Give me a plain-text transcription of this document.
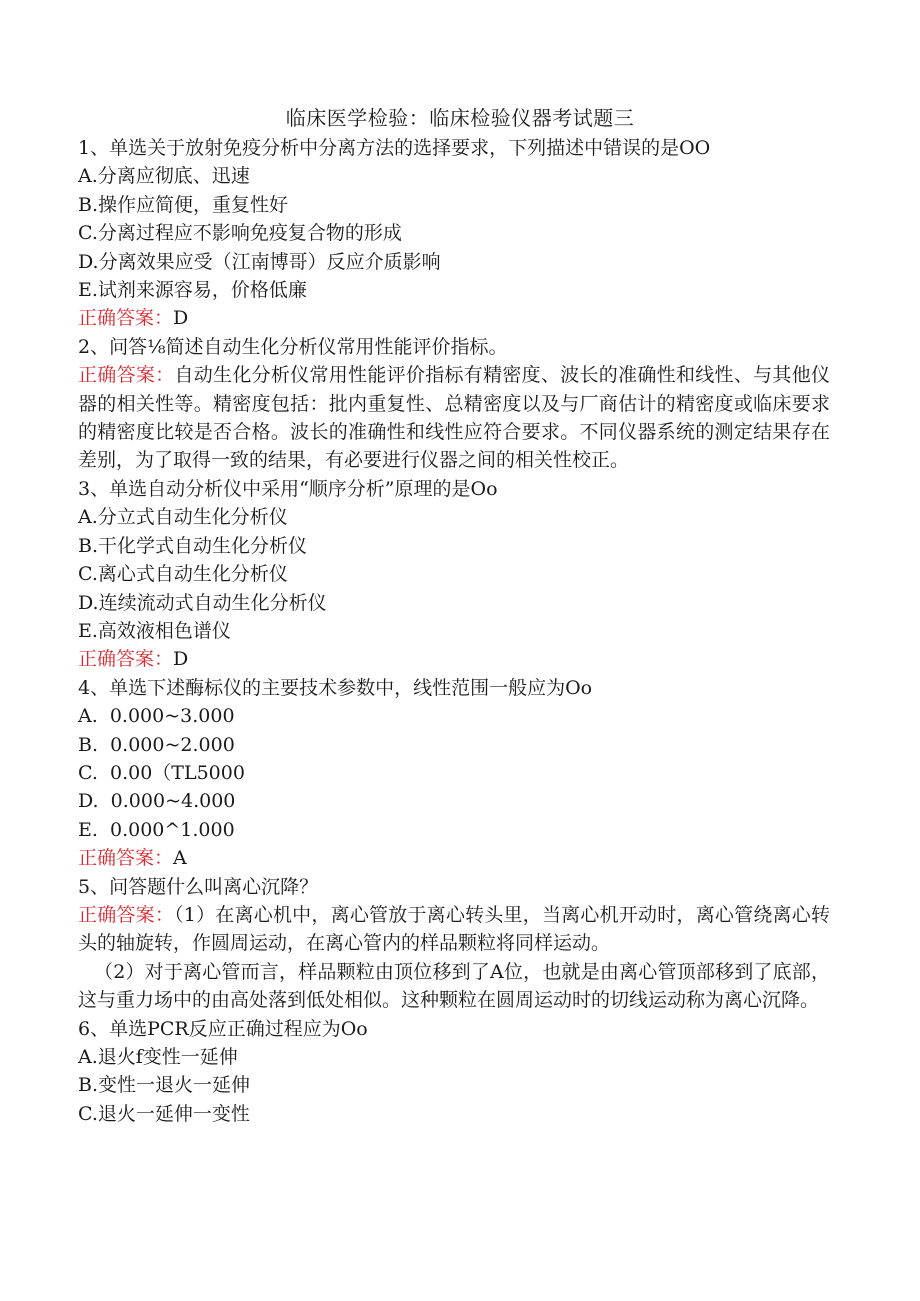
临床医学检验：临床检验仪器考试题三
1、单选关于放射免疫分析中分离方法的选择要求，下列描述中错误的是OO
A.分离应彻底、迅速
B.操作应简便，重复性好
C.分离过程应不影响免疫复合物的形成
D.分离效果应受（江南博哥）反应介质影响
E.试剂来源容易，价格低廉
正确答案：D
2、问答⅛简述自动生化分析仪常用性能评价指标。
正确答案：自动生化分析仪常用性能评价指标有精密度、波长的准确性和线性、与其他仪器的相关性等。精密度包括：批内重复性、总精密度以及与厂商估计的精密度或临床要求的精密度比较是否合格。波长的准确性和线性应符合要求。不同仪器系统的测定结果存在差别，为了取得一致的结果，有必要进行仪器之间的相关性校正。
3、单选自动分析仪中采用“顺序分析”原理的是Oo
A.分立式自动生化分析仪
B.干化学式自动生化分析仪
C.离心式自动生化分析仪
D.连续流动式自动生化分析仪
E.高效液相色谱仪
正确答案：D
4、单选下述酶标仪的主要技术参数中，线性范围一般应为Oo
A.  0.000~3.000
B.  0.000~2.000
C.  0.00（TL5000
D.  0.000~4.000
E.  0.000^1.000
正确答案：A
5、问答题什么叫离心沉降？
正确答案：（1）在离心机中，离心管放于离心转头里，当离心机开动时，离心管绕离心转头的轴旋转，作圆周运动，在离心管内的样品颗粒将同样运动。
（2）对于离心管而言，样品颗粒由顶位移到了A位，也就是由离心管顶部移到了底部，这与重力场中的由高处落到低处相似。这种颗粒在圆周运动时的切线运动称为离心沉降。
6、单选PCR反应正确过程应为Oo
A.退火f变性一延伸
B.变性一退火一延伸
C.退火一延伸一变性
